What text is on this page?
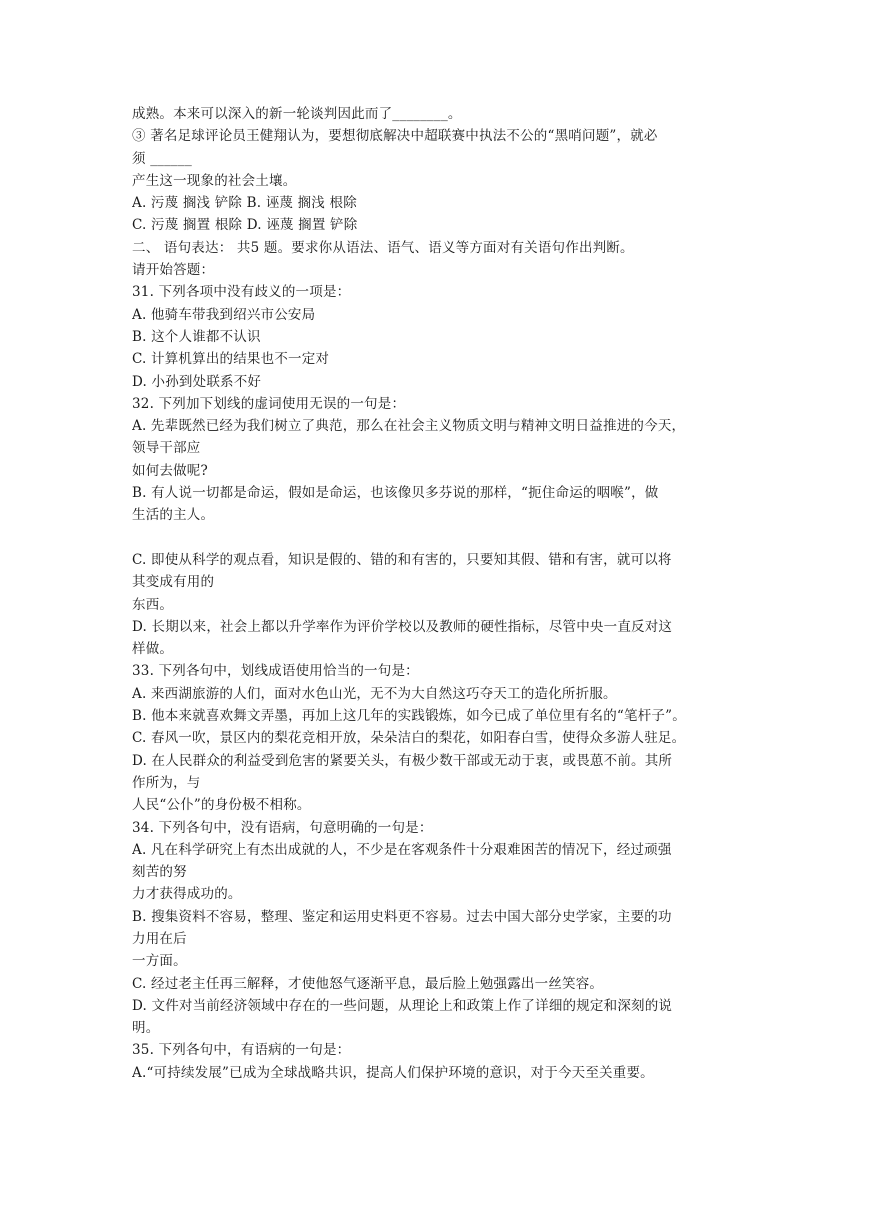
成熟。本来可以深入的新一轮谈判因此而了________。
③ 著名足球评论员王健翔认为，要想彻底解决中超联赛中执法不公的“黑哨问题”，就必
须 ______
产生这一现象的社会土壤。
A. 污蔑 搁浅 铲除 B. 诬蔑 搁浅 根除
C. 污蔑 搁置 根除 D. 诬蔑 搁置 铲除
二、 语句表达： 共5 题。要求你从语法、语气、语义等方面对有关语句作出判断。
请开始答题：
31. 下列各项中没有歧义的一项是：
A. 他骑车带我到绍兴市公安局
B. 这个人谁都不认识
C. 计算机算出的结果也不一定对
D. 小孙到处联系不好
32. 下列加下划线的虚词使用无误的一句是：
A. 先辈既然已经为我们树立了典范，那么在社会主义物质文明与精神文明日益推进的今天，
领导干部应
如何去做呢?
B. 有人说一切都是命运，假如是命运，也该像贝多芬说的那样，“扼住命运的咽喉”，做
生活的主人。
C. 即使从科学的观点看，知识是假的、错的和有害的，只要知其假、错和有害，就可以将
其变成有用的
东西。
D. 长期以来，社会上都以升学率作为评价学校以及教师的硬性指标，尽管中央一直反对这
样做。
33. 下列各句中，划线成语使用恰当的一句是：
A. 来西湖旅游的人们，面对水色山光，无不为大自然这巧夺天工的造化所折服。
B. 他本来就喜欢舞文弄墨，再加上这几年的实践锻炼，如今已成了单位里有名的“笔杆子”。
C. 春风一吹，景区内的梨花竞相开放，朵朵洁白的梨花，如阳春白雪，使得众多游人驻足。
D. 在人民群众的利益受到危害的紧要关头，有极少数干部或无动于衷，或畏葸不前。其所
作所为，与
人民“公仆”的身份极不相称。
34. 下列各句中，没有语病，句意明确的一句是：
A. 凡在科学研究上有杰出成就的人，不少是在客观条件十分艰难困苦的情况下，经过顽强
刻苦的努
力才获得成功的。
B. 搜集资料不容易，整理、鉴定和运用史料更不容易。过去中国大部分史学家，主要的功
力用在后
一方面。
C. 经过老主任再三解释，才使他怒气逐渐平息，最后脸上勉强露出一丝笑容。
D. 文件对当前经济领域中存在的一些问题，从理论上和政策上作了详细的规定和深刻的说
明。
35. 下列各句中，有语病的一句是：
A.“可持续发展”已成为全球战略共识，提高人们保护环境的意识，对于今天至关重要。
